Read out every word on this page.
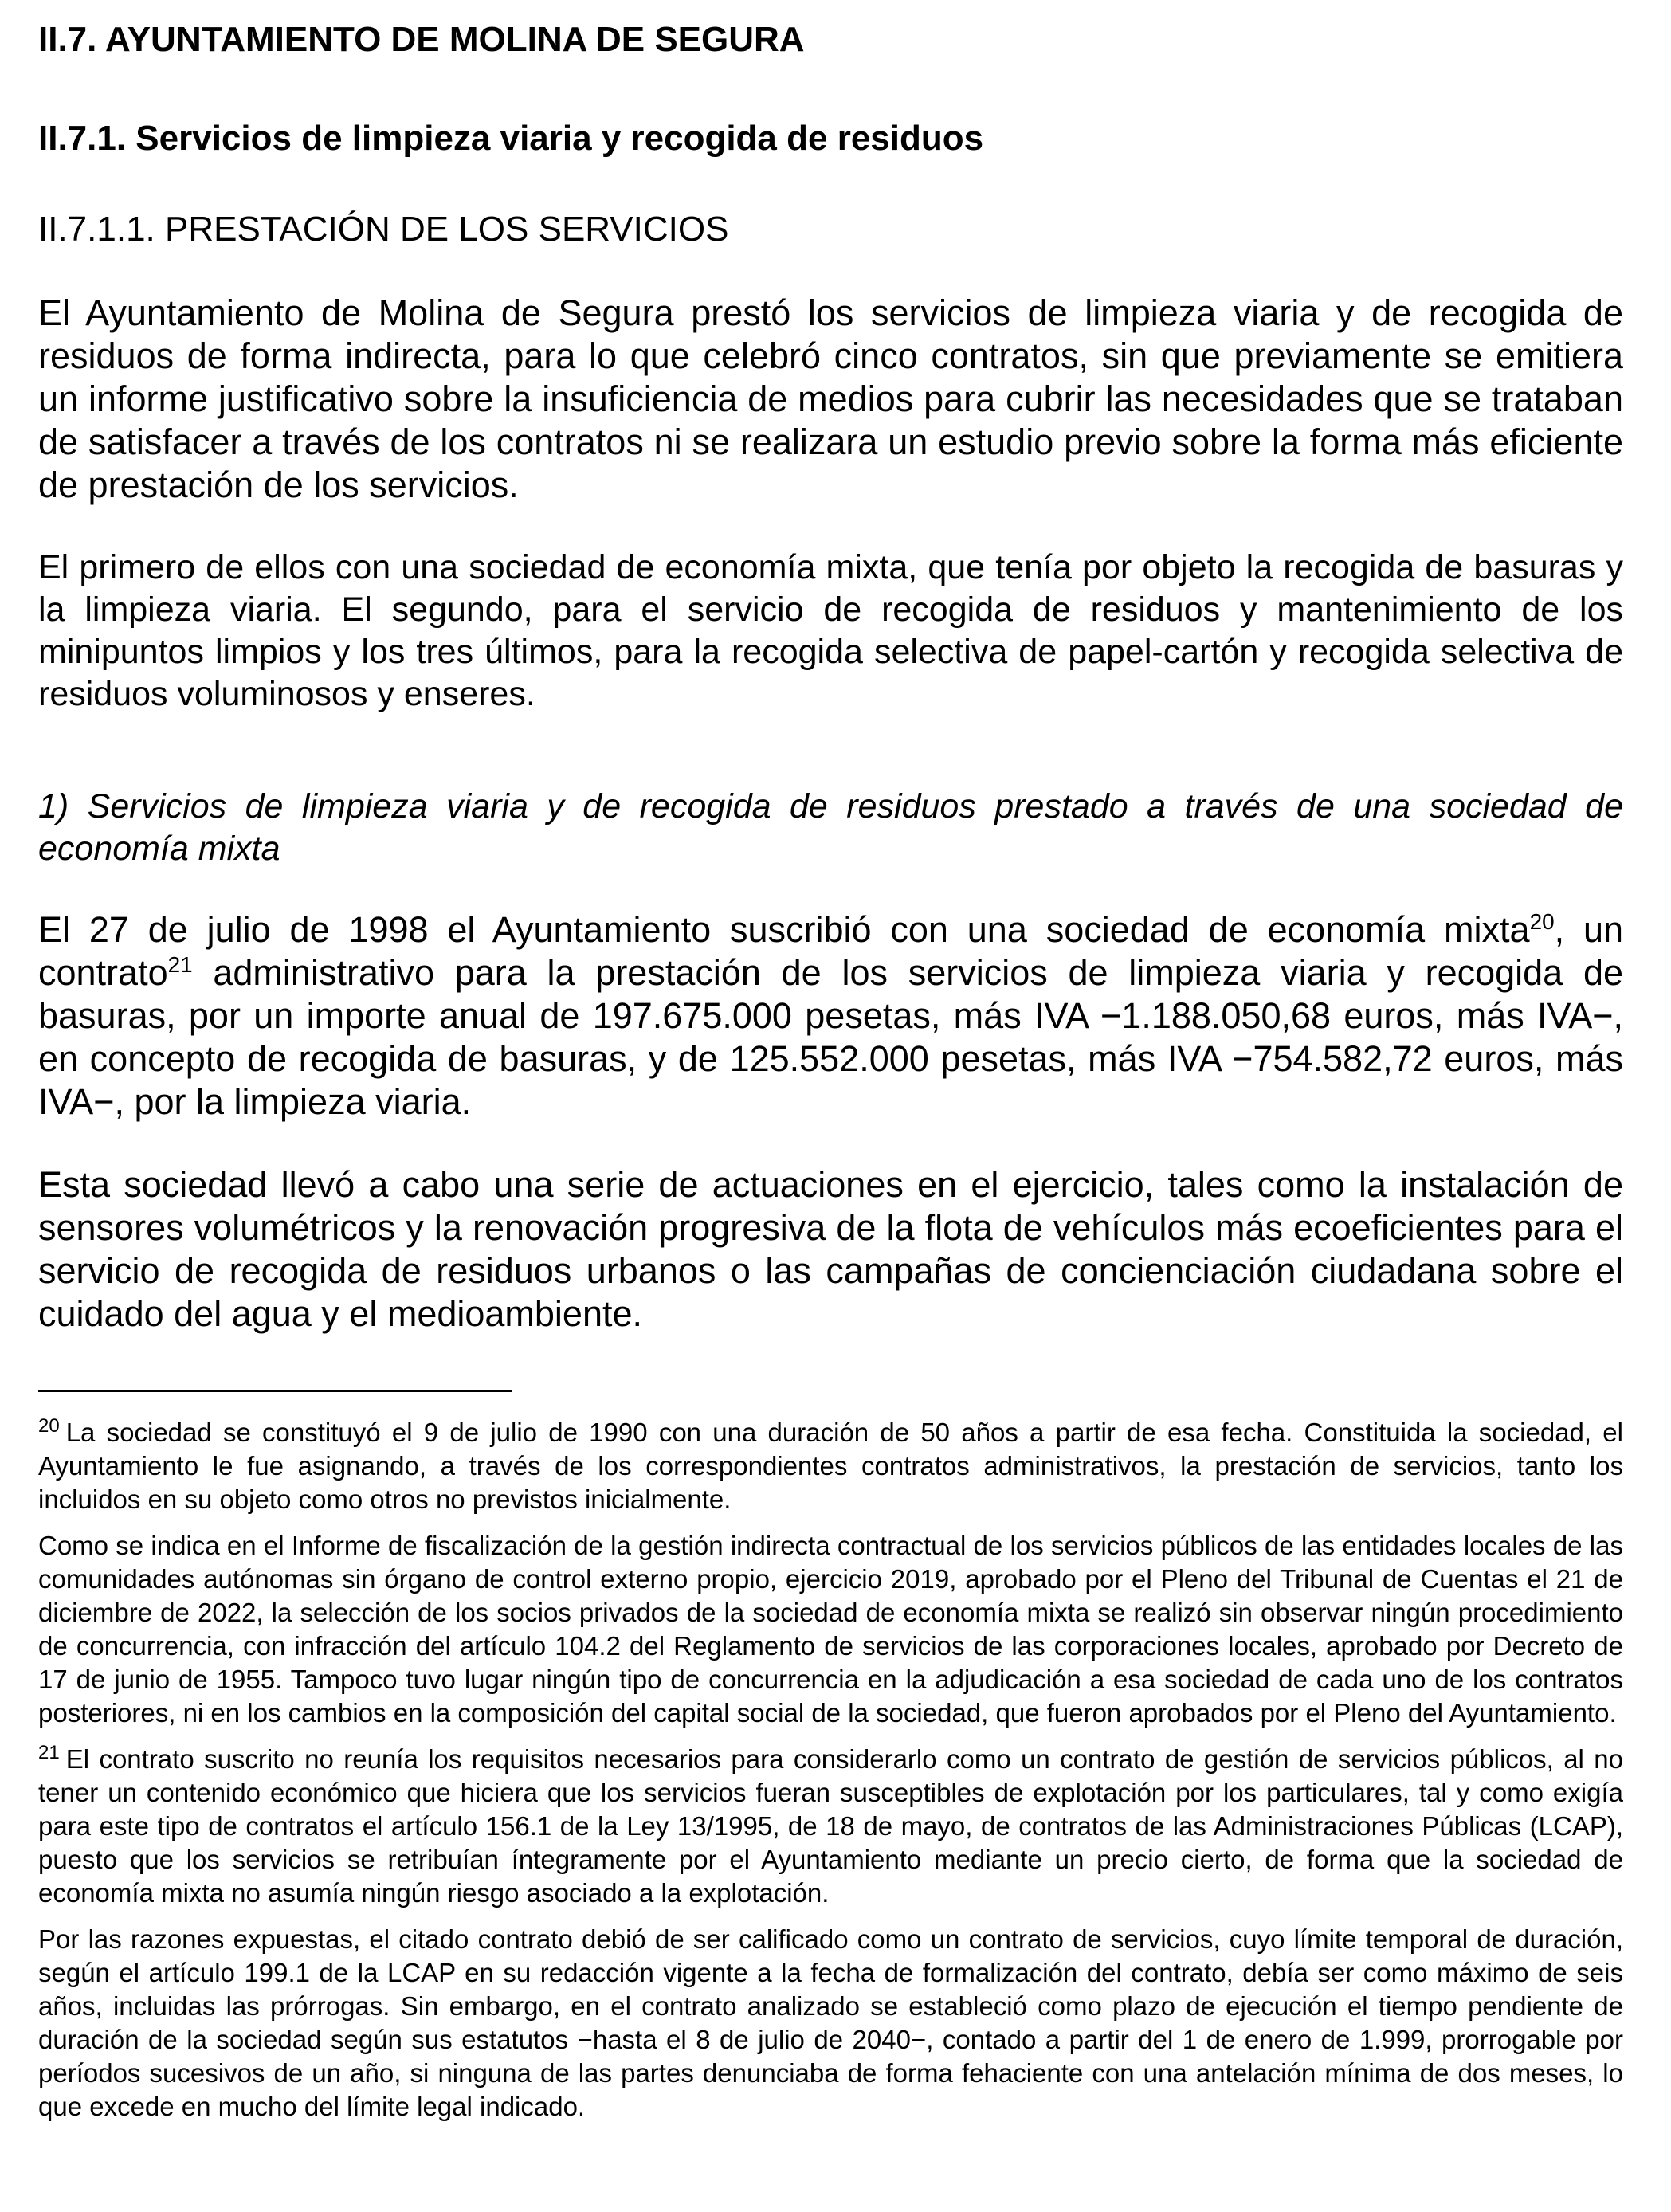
II.7. AYUNTAMIENTO DE MOLINA DE SEGURA
II.7.1. Servicios de limpieza viaria y recogida de residuos
II.7.1.1. PRESTACIÓN DE LOS SERVICIOS

El Ayuntamiento de Molina de Segura prestó los servicios de limpieza viaria y de recogida de residuos de forma indirecta, para lo que celebró cinco contratos, sin que previamente se emitiera un informe justificativo sobre la insuficiencia de medios para cubrir las necesidades que se trataban de satisfacer a través de los contratos ni se realizara un estudio previo sobre la forma más eficiente de prestación de los servicios.

El primero de ellos con una sociedad de economía mixta, que tenía por objeto la recogida de basuras y la limpieza viaria. El segundo, para el servicio de recogida de residuos y mantenimiento de los minipuntos limpios y los tres últimos, para la recogida selectiva de papel-cartón y recogida selectiva de residuos voluminosos y enseres.

1) Servicios de limpieza viaria y de recogida de residuos prestado a través de una sociedad de economía mixta

El 27 de julio de 1998 el Ayuntamiento suscribió con una sociedad de economía mixta$^{20}$, un contrato$^{21}$ administrativo para la prestación de los servicios de limpieza viaria y recogida de basuras, por un importe anual de 197.675.000 pesetas, más IVA −1.188.050,68 euros, más IVA−, en concepto de recogida de basuras, y de 125.552.000 pesetas, más IVA −754.582,72 euros, más IVA−, por la limpieza viaria.

Esta sociedad llevó a cabo una serie de actuaciones en el ejercicio, tales como la instalación de sensores volumétricos y la renovación progresiva de la flota de vehículos más ecoeficientes para el servicio de recogida de residuos urbanos o las campañas de concienciación ciudadana sobre el cuidado del agua y el medioambiente.

$^{20}$ La sociedad se constituyó el 9 de julio de 1990 con una duración de 50 años a partir de esa fecha. Constituida la sociedad, el Ayuntamiento le fue asignando, a través de los correspondientes contratos administrativos, la prestación de servicios, tanto los incluidos en su objeto como otros no previstos inicialmente.

Como se indica en el Informe de fiscalización de la gestión indirecta contractual de los servicios públicos de las entidades locales de las comunidades autónomas sin órgano de control externo propio, ejercicio 2019, aprobado por el Pleno del Tribunal de Cuentas el 21 de diciembre de 2022, la selección de los socios privados de la sociedad de economía mixta se realizó sin observar ningún procedimiento de concurrencia, con infracción del artículo 104.2 del Reglamento de servicios de las corporaciones locales, aprobado por Decreto de 17 de junio de 1955. Tampoco tuvo lugar ningún tipo de concurrencia en la adjudicación a esa sociedad de cada uno de los contratos posteriores, ni en los cambios en la composición del capital social de la sociedad, que fueron aprobados por el Pleno del Ayuntamiento.

$^{21}$ El contrato suscrito no reunía los requisitos necesarios para considerarlo como un contrato de gestión de servicios públicos, al no tener un contenido económico que hiciera que los servicios fueran susceptibles de explotación por los particulares, tal y como exigía para este tipo de contratos el artículo 156.1 de la Ley 13/1995, de 18 de mayo, de contratos de las Administraciones Públicas (LCAP), puesto que los servicios se retribuían íntegramente por el Ayuntamiento mediante un precio cierto, de forma que la sociedad de economía mixta no asumía ningún riesgo asociado a la explotación.

Por las razones expuestas, el citado contrato debió de ser calificado como un contrato de servicios, cuyo límite temporal de duración, según el artículo 199.1 de la LCAP en su redacción vigente a la fecha de formalización del contrato, debía ser como máximo de seis años, incluidas las prórrogas. Sin embargo, en el contrato analizado se estableció como plazo de ejecución el tiempo pendiente de duración de la sociedad según sus estatutos −hasta el 8 de julio de 2040−, contado a partir del 1 de enero de 1.999, prorrogable por períodos sucesivos de un año, si ninguna de las partes denunciaba de forma fehaciente con una antelación mínima de dos meses, lo que excede en mucho del límite legal indicado.
